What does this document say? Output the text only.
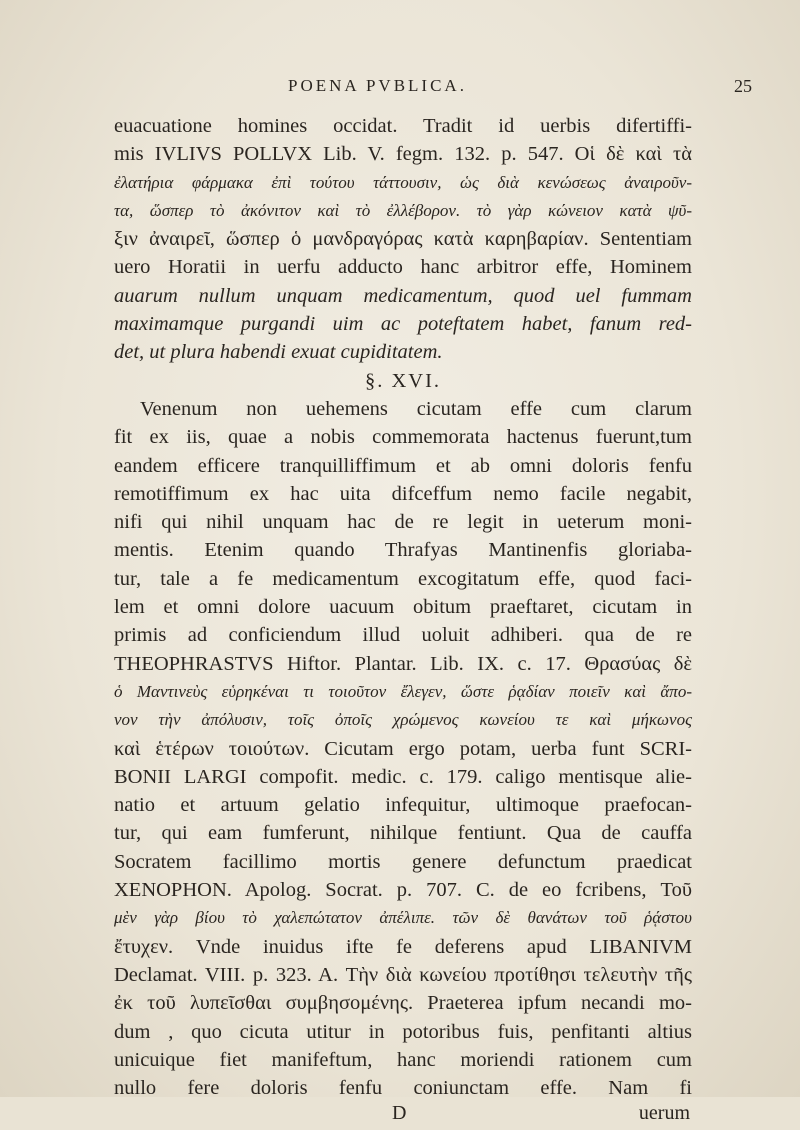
POENA PVBLICA.	25
euacuatione homines occidat. Tradit id uerbis difertiffi-
mis IVLIVS POLLVX Lib. V. fegm. 132. p. 547. Οἱ δὲ καὶ τὰ
ἐλατήρια φάρμακα ἐπὶ τούτου τάττουσιν, ὡς διὰ κενώσεως ἀναιροῦν-
τα, ὥσπερ τὸ ἀκόνιτον καὶ τὸ ἐλλέβορον. τὸ γὰρ κώνειον κατὰ ψῦ-
ξιν ἀναιρεῖ, ὥσπερ ὁ μανδραγόρας κατὰ καρηβαρίαν. Sententiam
uero Horatii in uerfu adducto hanc arbitror effe, Hominem
auarum nullum unquam medicamentum, quod uel fummam
maximamque purgandi uim ac poteftatem habet, fanum red-
det, ut plura habendi exuat cupiditatem.
§. XVI.
Venenum non uehemens cicutam effe cum clarum
fit ex iis, quae a nobis commemorata hactenus fuerunt,tum
eandem efficere tranquilliffimum et ab omni doloris fenfu
remotiffimum ex hac uita difceffum nemo facile negabit,
nifi qui nihil unquam hac de re legit in ueterum moni-
mentis. Etenim quando Thrafyas Mantinenfis gloriaba-
tur, tale a fe medicamentum excogitatum effe, quod faci-
lem et omni dolore uacuum obitum praeftaret, cicutam in
primis ad conficiendum illud uoluit adhiberi. qua de re
THEOPHRASTVS Hiftor. Plantar. Lib. IX. c. 17. Θρασύας δὲ
ὁ Μαντινεὺς εὑρηκέναι τι τοιοῦτον ἔλεγεν, ὥστε ῥᾳδίαν ποιεῖν καὶ ἄπο-
νον τὴν ἀπόλυσιν, τοῖς ὀποῖς χρώμενος κωνείου τε καὶ μήκωνος
καὶ ἑτέρων τοιούτων. Cicutam ergo potam, uerba funt SCRI-
BONII LARGI compofit. medic. c. 179. caligo mentisque alie-
natio et artuum gelatio infequitur, ultimoque praefocan-
tur, qui eam fumferunt, nihilque fentiunt. Qua de cauffa
Socratem facillimo mortis genere defunctum praedicat
XENOPHON. Apolog. Socrat. p. 707. C. de eo fcribens, Τοῦ
μὲν γὰρ βίου τὸ χαλεπώτατον ἀπέλιπε. τῶν δὲ θανάτων τοῦ ῥᾴστου
ἔτυχεν. Vnde inuidus ifte fe deferens apud LIBANIVM
Declamat. VIII. p. 323. A. Τὴν διὰ κωνείου προτίθησι τελευτὴν τῆς
ἐκ τοῦ λυπεῖσθαι συμβησομένης. Praeterea ipfum necandi mo-
dum , quo cicuta utitur in potoribus fuis, penfitanti altius
unicuique fiet manifeftum, hanc moriendi rationem cum
nullo fere doloris fenfu coniunctam effe. Nam fi
D	uerum
